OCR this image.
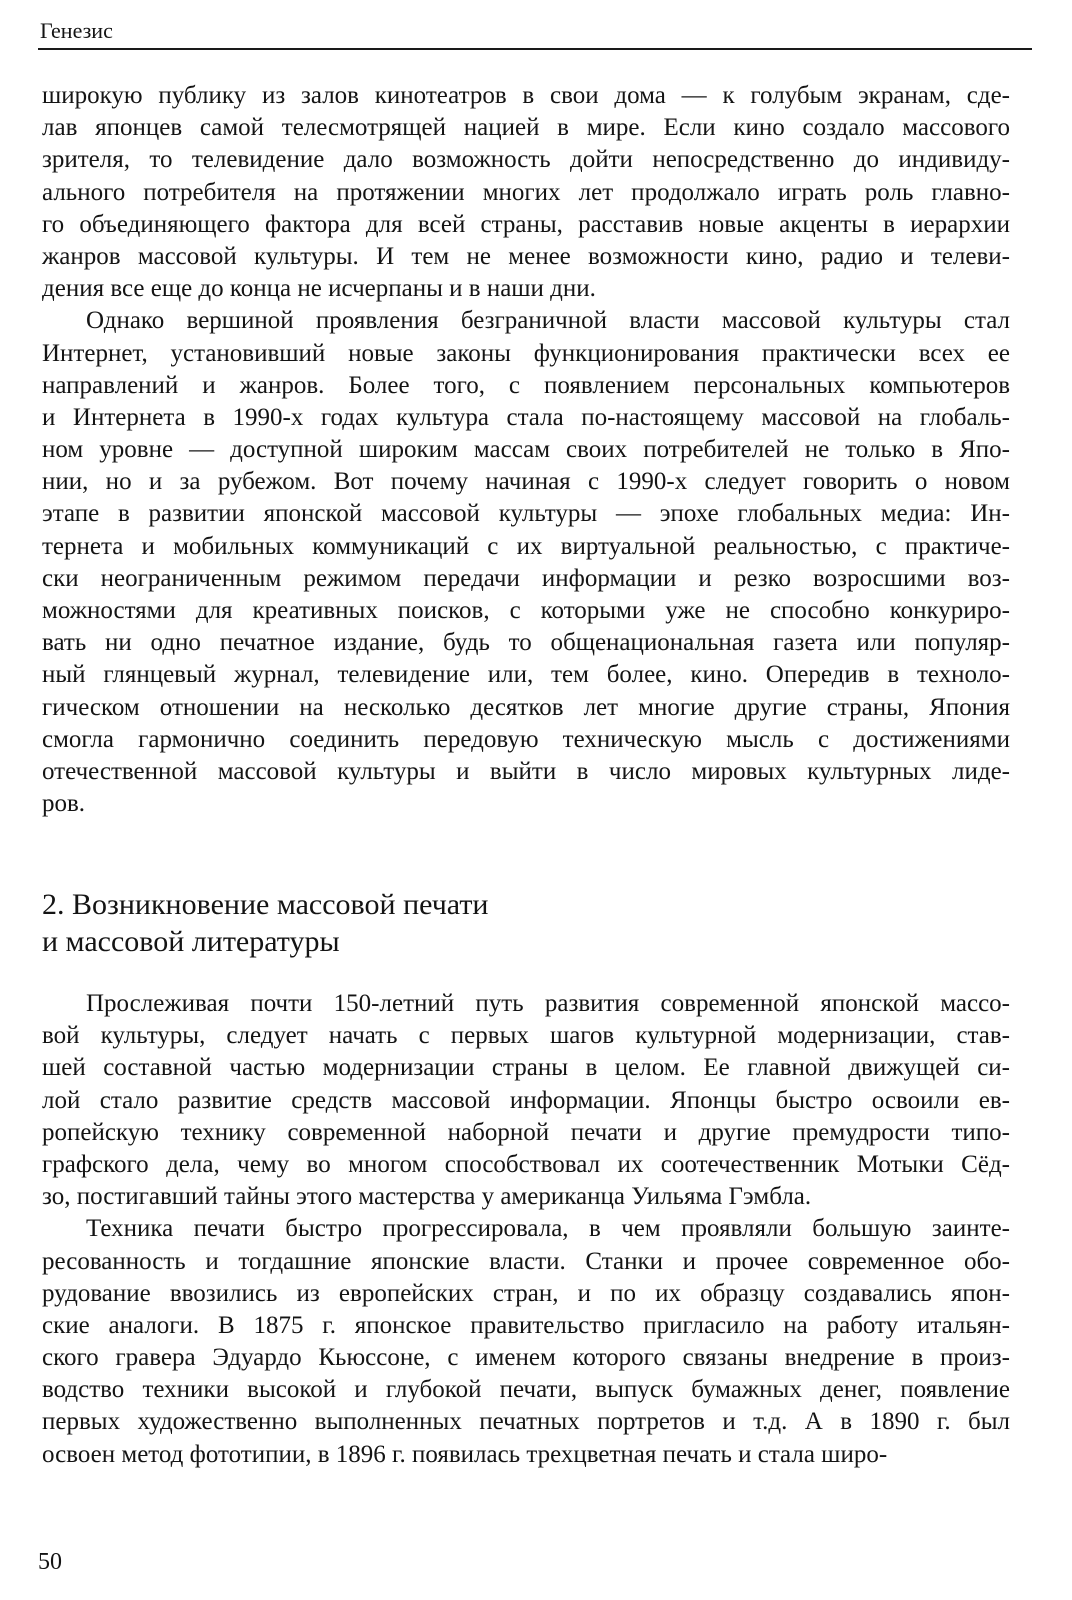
Генезис
широкую публику из залов кинотеатров в свои дома — к голубым экранам, сде-
лав японцев самой телесмотрящей нацией в мире. Если кино создало массового
зрителя, то телевидение дало возможность дойти непосредственно до индивиду-
ального потребителя на протяжении многих лет продолжало играть роль главно-
го объединяющего фактора для всей страны, расставив новые акценты в иерархии
жанров массовой культуры. И тем не менее возможности кино, радио и телеви-
дения все еще до конца не исчерпаны и в наши дни.
Однако вершиной проявления безграничной власти массовой культуры стал
Интернет, установивший новые законы функционирования практически всех ее
направлений и жанров. Более того, с появлением персональных компьютеров
и Интернета в 1990-х годах культура стала по-настоящему массовой на глобаль-
ном уровне — доступной широким массам своих потребителей не только в Япо-
нии, но и за рубежом. Вот почему начиная с 1990-х следует говорить о новом
этапе в развитии японской массовой культуры — эпохе глобальных медиа: Ин-
тернета и мобильных коммуникаций с их виртуальной реальностью, с практиче-
ски неограниченным режимом передачи информации и резко возросшими воз-
можностями для креативных поисков, с которыми уже не способно конкуриро-
вать ни одно печатное издание, будь то общенациональная газета или популяр-
ный глянцевый журнал, телевидение или, тем более, кино. Опередив в техноло-
гическом отношении на несколько десятков лет многие другие страны, Япония
смогла гармонично соединить передовую техническую мысль с достижениями
отечественной массовой культуры и выйти в число мировых культурных лиде-
ров.
2. Возникновение массовой печати
и массовой литературы
Прослеживая почти 150-летний путь развития современной японской массо-
вой культуры, следует начать с первых шагов культурной модернизации, став-
шей составной частью модернизации страны в целом. Ее главной движущей си-
лой стало развитие средств массовой информации. Японцы быстро освоили ев-
ропейскую технику современной наборной печати и другие премудрости типо-
графского дела, чему во многом способствовал их соотечественник Мотыки Сёд-
зо, постигавший тайны этого мастерства у американца Уильяма Гэмбла.
Техника печати быстро прогрессировала, в чем проявляли большую заинте-
ресованность и тогдашние японские власти. Станки и прочее современное обо-
рудование ввозились из европейских стран, и по их образцу создавались япон-
ские аналоги. В 1875 г. японское правительство пригласило на работу итальян-
ского гравера Эдуардо Кьюссоне, с именем которого связаны внедрение в произ-
водство техники высокой и глубокой печати, выпуск бумажных денег, появление
первых художественно выполненных печатных портретов и т.д. А в 1890 г. был
освоен метод фототипии, в 1896 г. появилась трехцветная печать и стала широ-
50
